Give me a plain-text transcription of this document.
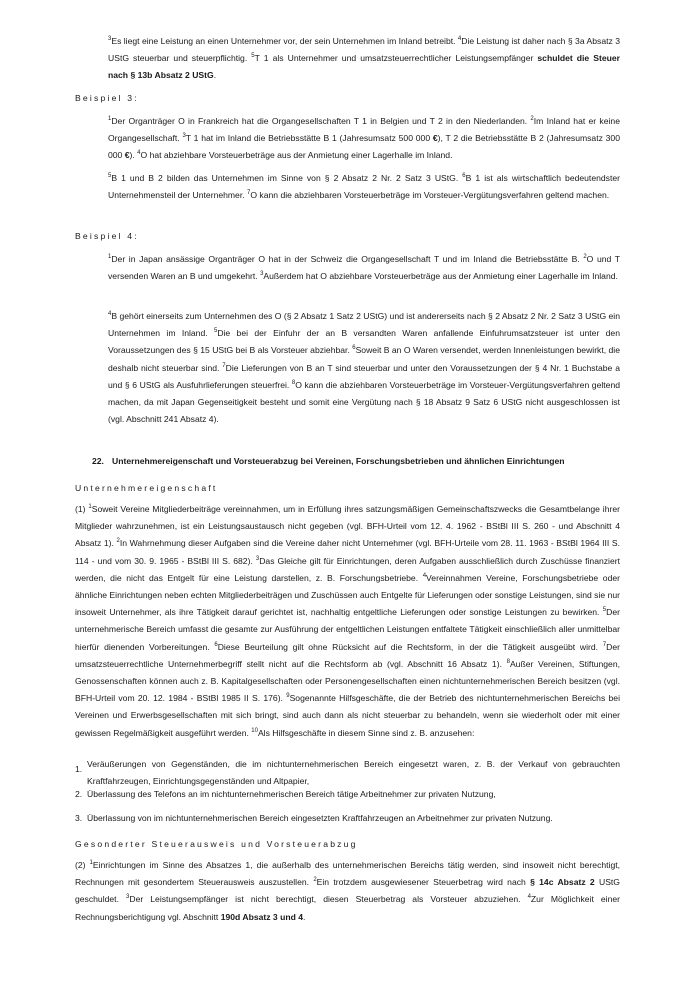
$^3$Es liegt eine Leistung an einen Unternehmer vor, der sein Unternehmen im Inland betreibt. $^4$Die Leistung ist daher nach § 3a Absatz 3 UStG steuerbar und steuerpflichtig. $^5$T 1 als Unternehmer und umsatzsteuerrechtlicher Leistungsempfänger schuldet die Steuer nach § 13b Absatz 2 UStG.

Beispiel 3:

$^1$Der Organträger O in Frankreich hat die Organgesellschaften T 1 in Belgien und T 2 in den Niederlanden. $^2$Im Inland hat er keine Organgesellschaft. $^3$T 1 hat im Inland die Betriebsstätte B 1 (Jahresumsatz 500 000 €), T 2 die Betriebsstätte B 2 (Jahresumsatz 300 000 €). $^4$O hat abziehbare Vorsteuerbeträge aus der Anmietung einer Lagerhalle im Inland.

$^5$B 1 und B 2 bilden das Unternehmen im Sinne von § 2 Absatz 2 Nr. 2 Satz 3 UStG. $^6$B 1 ist als wirtschaftlich bedeutendster Unternehmensteil der Unternehmer. $^7$O kann die abziehbaren Vorsteuerbeträge im Vorsteuer-Vergütungsverfahren geltend machen.

Beispiel 4:

$^1$Der in Japan ansässige Organträger O hat in der Schweiz die Organgesellschaft T und im Inland die Betriebsstätte B. $^2$O und T versenden Waren an B und umgekehrt. $^3$Außerdem hat O abziehbare Vorsteuerbeträge aus der Anmietung einer Lagerhalle im Inland.

$^4$B gehört einerseits zum Unternehmen des O (§ 2 Absatz 1 Satz 2 UStG) und ist andererseits nach § 2 Absatz 2 Nr. 2 Satz 3 UStG ein Unternehmen im Inland. $^5$Die bei der Einfuhr der an B versandten Waren anfallende Einfuhrumsatzsteuer ist unter den Voraussetzungen des § 15 UStG bei B als Vorsteuer abziehbar. $^6$Soweit B an O Waren versendet, werden Innenleistungen bewirkt, die deshalb nicht steuerbar sind. $^7$Die Lieferungen von B an T sind steuerbar und unter den Voraussetzungen der § 4 Nr. 1 Buchstabe a und § 6 UStG als Ausfuhrlieferungen steuerfrei. $^8$O kann die abziehbaren Vorsteuerbeträge im Vorsteuer-Vergütungsverfahren geltend machen, da mit Japan Gegenseitigkeit besteht und somit eine Vergütung nach § 18 Absatz 9 Satz 6 UStG nicht ausgeschlossen ist (vgl. Abschnitt 241 Absatz 4).

22. Unternehmereigenschaft und Vorsteuerabzug bei Vereinen, Forschungsbetrieben und ähnlichen Einrichtungen
Unternehmereigenschaft

(1) $^1$Soweit Vereine Mitgliederbeiträge vereinnahmen, um in Erfüllung ihres satzungsmäßigen Gemeinschaftszwecks die Gesamtbelange ihrer Mitglieder wahrzunehmen, ist ein Leistungsaustausch nicht gegeben (vgl. BFH-Urteil vom 12. 4. 1962 - BStBl III S. 260 - und Abschnitt 4 Absatz 1). $^2$In Wahrnehmung dieser Aufgaben sind die Vereine daher nicht Unternehmer (vgl. BFH-Urteile vom 28. 11. 1963 - BStBl 1964 III S. 114 - und vom 30. 9. 1965 - BStBl III S. 682). $^3$Das Gleiche gilt für Einrichtungen, deren Aufgaben ausschließlich durch Zuschüsse finanziert werden, die nicht das Entgelt für eine Leistung darstellen, z. B. Forschungsbetriebe. $^4$Vereinnahmen Vereine, Forschungsbetriebe oder ähnliche Einrichtungen neben echten Mitgliederbeiträgen und Zuschüssen auch Entgelte für Lieferungen oder sonstige Leistungen, sind sie nur insoweit Unternehmer, als ihre Tätigkeit darauf gerichtet ist, nachhaltig entgeltliche Lieferungen oder sonstige Leistungen zu bewirken. $^5$Der unternehmerische Bereich umfasst die gesamte zur Ausführung der entgeltlichen Leistungen entfaltete Tätigkeit einschließlich aller unmittelbar hierfür dienenden Vorbereitungen. $^6$Diese Beurteilung gilt ohne Rücksicht auf die Rechtsform, in der die Tätigkeit ausgeübt wird. $^7$Der umsatzsteuerrechtliche Unternehmerbegriff stellt nicht auf die Rechtsform ab (vgl. Abschnitt 16 Absatz 1). $^8$Außer Vereinen, Stiftungen, Genossenschaften können auch z. B. Kapitalgesellschaften oder Personengesellschaften einen nichtunternehmerischen Bereich besitzen (vgl. BFH-Urteil vom 20. 12. 1984 - BStBl 1985 II S. 176). $^9$Sogenannte Hilfsgeschäfte, die der Betrieb des nichtunternehmerischen Bereichs bei Vereinen und Erwerbsgesellschaften mit sich bringt, sind auch dann als nicht steuerbar zu behandeln, wenn sie wiederholt oder mit einer gewissen Regelmäßigkeit ausgeführt werden. $^{10}$Als Hilfsgeschäfte in diesem Sinne sind z. B. anzusehen:

1. Veräußerungen von Gegenständen, die im nichtunternehmerischen Bereich eingesetzt waren, z. B. der Verkauf von gebrauchten Kraftfahrzeugen, Einrichtungsgegenständen und Altpapier,

2. Überlassung des Telefons an im nichtunternehmerischen Bereich tätige Arbeitnehmer zur privaten Nutzung,

3. Überlassung von im nichtunternehmerischen Bereich eingesetzten Kraftfahrzeugen an Arbeitnehmer zur privaten Nutzung.

Gesonderter Steuerausweis und Vorsteuerabzug

(2) $^1$Einrichtungen im Sinne des Absatzes 1, die außerhalb des unternehmerischen Bereichs tätig werden, sind insoweit nicht berechtigt, Rechnungen mit gesondertem Steuerausweis auszustellen. $^2$Ein trotzdem ausgewiesener Steuerbetrag wird nach § 14c Absatz 2 UStG geschuldet. $^3$Der Leistungsempfänger ist nicht berechtigt, diesen Steuerbetrag als Vorsteuer abzuziehen. $^4$Zur Möglichkeit einer Rechnungsberichtigung vgl. Abschnitt 190d Absatz 3 und 4.
